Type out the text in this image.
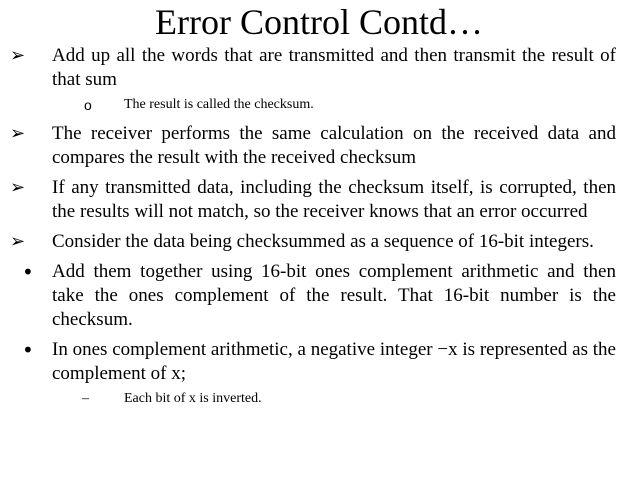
Error Control Contd…

➢ Add up all the words that are transmitted and then transmit the result of that sum

o The result is called the checksum.

➢ The receiver performs the same calculation on the received data and compares the result with the received checksum

➢ If any transmitted data, including the checksum itself, is corrupted, then the results will not match, so the receiver knows that an error occurred

➢ Consider the data being checksummed as a sequence of 16-bit integers.

• Add them together using 16-bit ones complement arithmetic and then take the ones complement of the result. That 16-bit number is the checksum.

• In ones complement arithmetic, a negative integer −x is represented as the complement of x;

–	Each bit of x is inverted.
